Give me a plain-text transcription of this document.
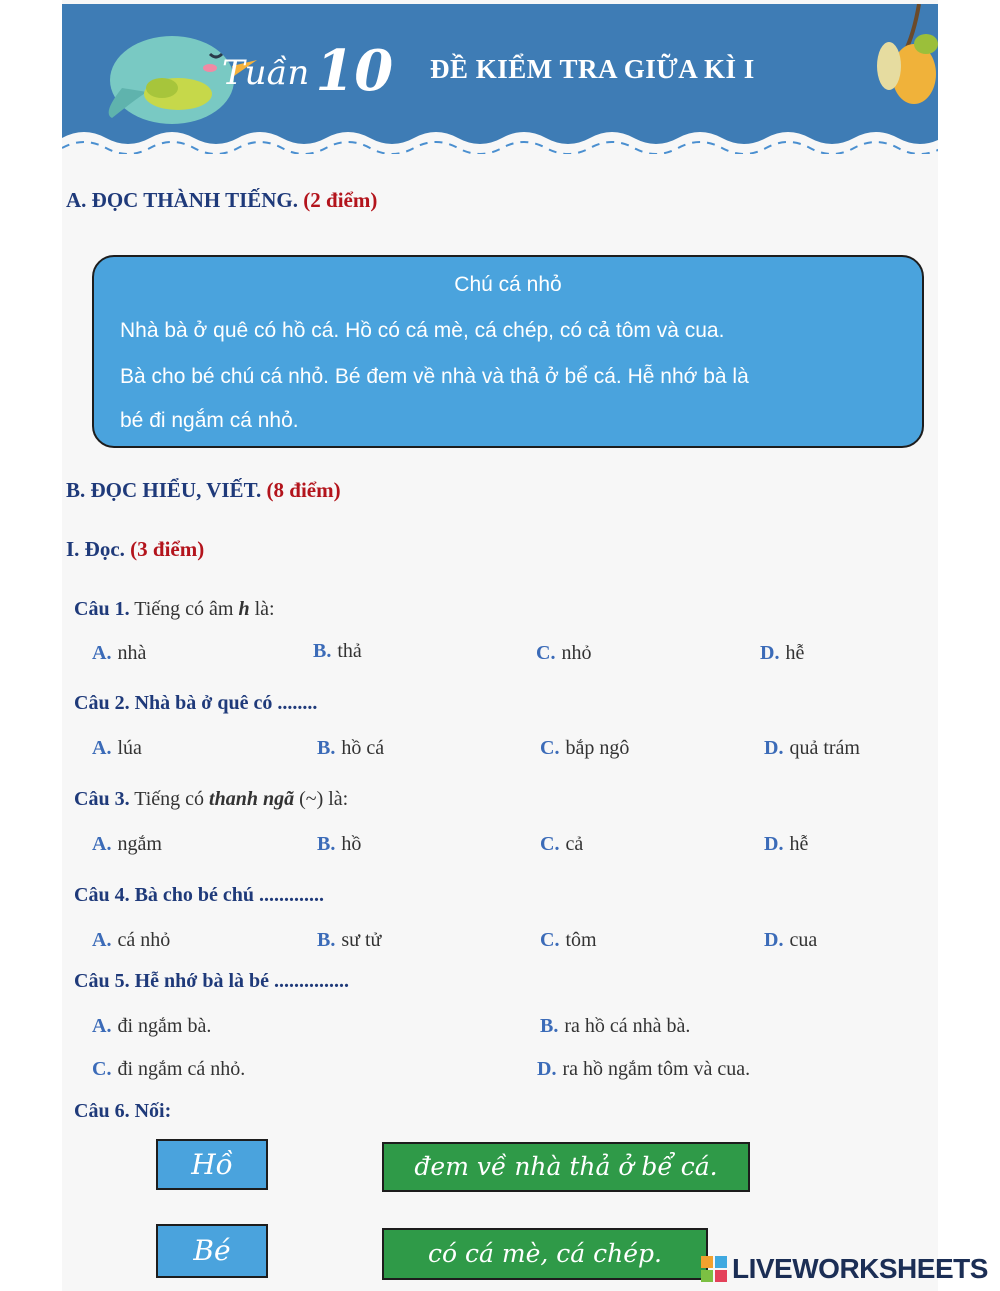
Tuần 10 ĐỀ KIỂM TRA GIỮA KÌ I
A. ĐỌC THÀNH TIẾNG. (2 điểm)
Chú cá nhỏ
Nhà bà ở quê có hồ cá. Hồ có cá mè, cá chép, có cả tôm và cua.
Bà cho bé chú cá nhỏ. Bé đem về nhà và thả ở bể cá. Hễ nhớ bà là
bé đi ngắm cá nhỏ.
B. ĐỌC HIỂU, VIẾT. (8 điểm)
I. Đọc. (3 điểm)
Câu 1. Tiếng có âm h là:
A. nhà	B. thả	C. nhỏ	D. hễ
Câu 2. Nhà bà ở quê có ........
A. lúa	B. hồ cá	C. bắp ngô	D. quả trám
Câu 3. Tiếng có thanh ngã (~) là:
A. ngắm	B. hồ	C. cả	D. hễ
Câu 4. Bà cho bé chú .............
A. cá nhỏ	B. sư tử	C. tôm	D. cua
Câu 5. Hễ nhớ bà là bé ...............
A. đi ngắm bà.	B. ra hồ cá nhà bà.
C. đi ngắm cá nhỏ.	D. ra hồ ngắm tôm và cua.
Câu 6. Nối:
Hồ	đem về nhà thả ở bể cá.
Bé	có cá mè, cá chép.	LIVEWORKSHEETS
